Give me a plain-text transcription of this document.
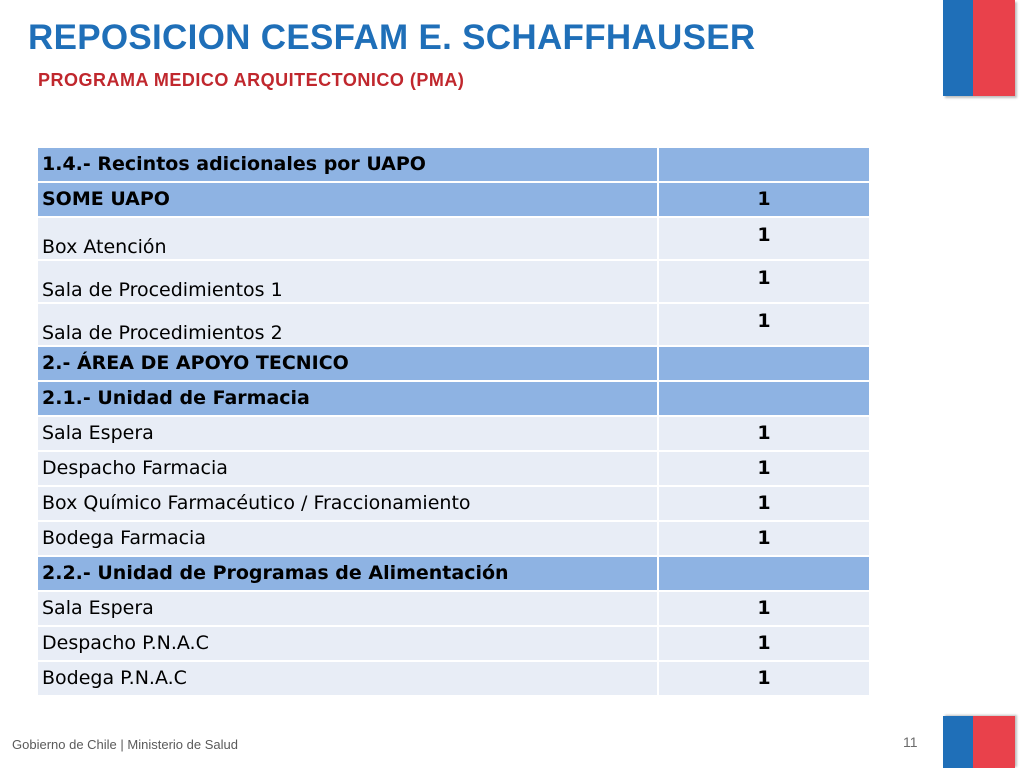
REPOSICION CESFAM E. SCHAFFHAUSER
PROGRAMA MEDICO ARQUITECTONICO (PMA)
1.4.- Recintos adicionales por UAPO	
SOME UAPO	1
Box Atención	1
Sala de Procedimientos 1	1
Sala de Procedimientos 2	1
2.- ÁREA DE APOYO TECNICO	
2.1.- Unidad de Farmacia	
Sala Espera	1
Despacho Farmacia	1
Box Químico Farmacéutico / Fraccionamiento	1
Bodega Farmacia	1
2.2.- Unidad de Programas de Alimentación	
Sala Espera	1
Despacho P.N.A.C	1
Bodega P.N.A.C	1
Gobierno de Chile | Ministerio de Salud	11
